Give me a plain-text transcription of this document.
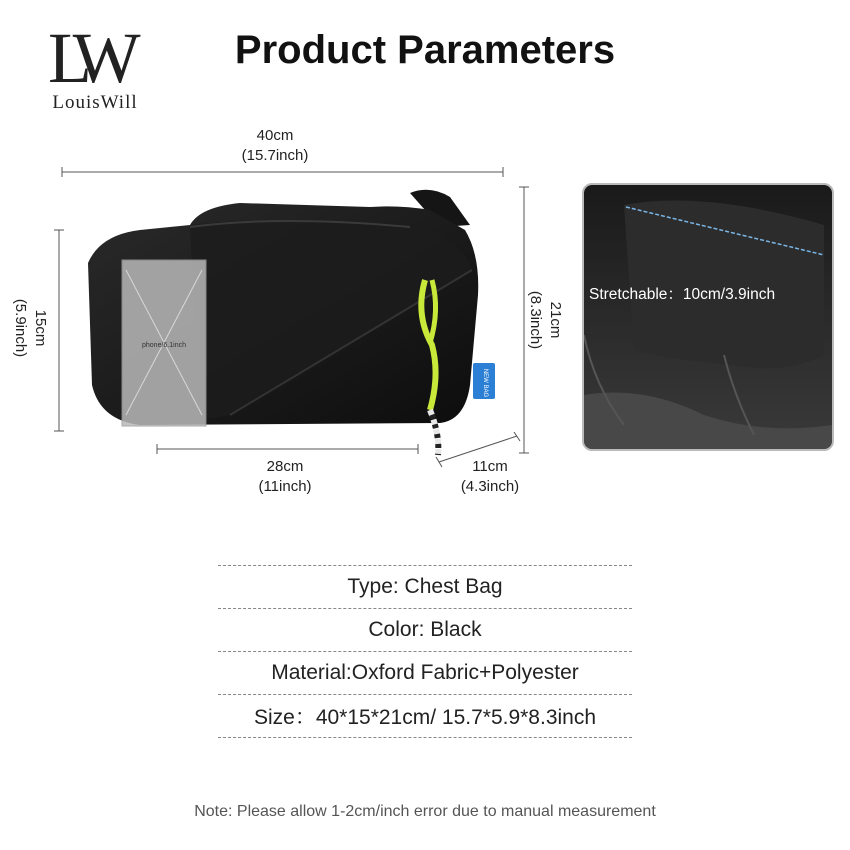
LW
LouisWill
Product Parameters
40cm
(15.7inch)
15cm
(5.9inch)	21cm
(8.3inch)
phone/6.1inch
NEW BAG
28cm
(11inch)
11cm
(4.3inch)
Stretchable：10cm/3.9inch
Type: Chest Bag
Color: Black
Material:Oxford Fabric+Polyester
Size：40*15*21cm/ 15.7*5.9*8.3inch
Note: Please allow 1-2cm/inch error due to manual measurement
